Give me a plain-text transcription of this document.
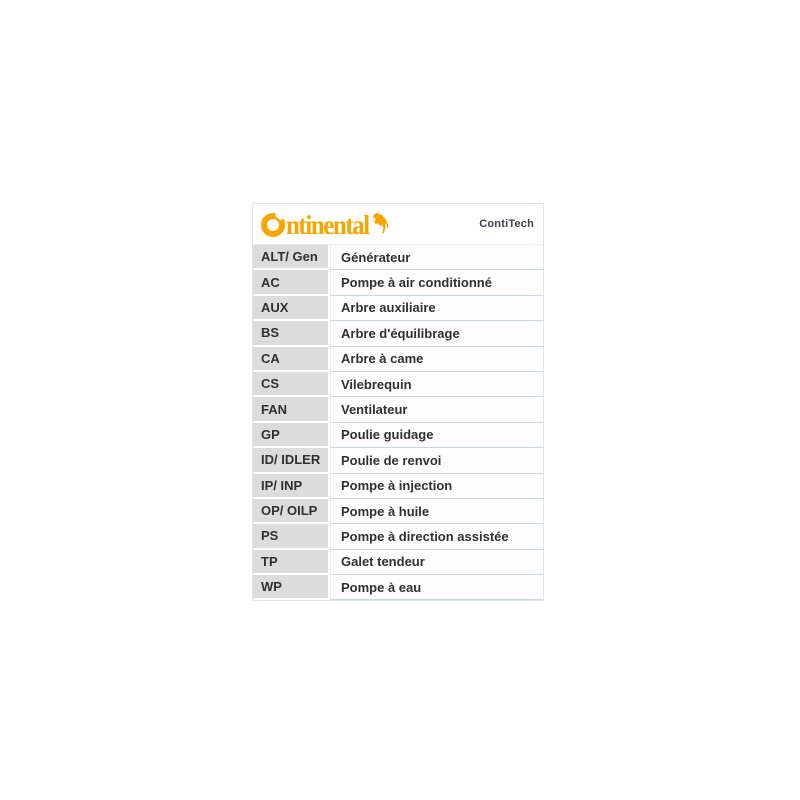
ntinental	ContiTech
ALT/ Gen	Générateur
AC	Pompe à air conditionné
AUX	Arbre auxiliaire
BS	Arbre d'équilibrage
CA	Arbre à came
CS	Vilebrequin
FAN	Ventilateur
GP	Poulie guidage
ID/ IDLER	Poulie de renvoi
IP/ INP	Pompe à injection
OP/ OILP	Pompe à huile
PS	Pompe à direction assistée
TP	Galet tendeur
WP	Pompe à eau
